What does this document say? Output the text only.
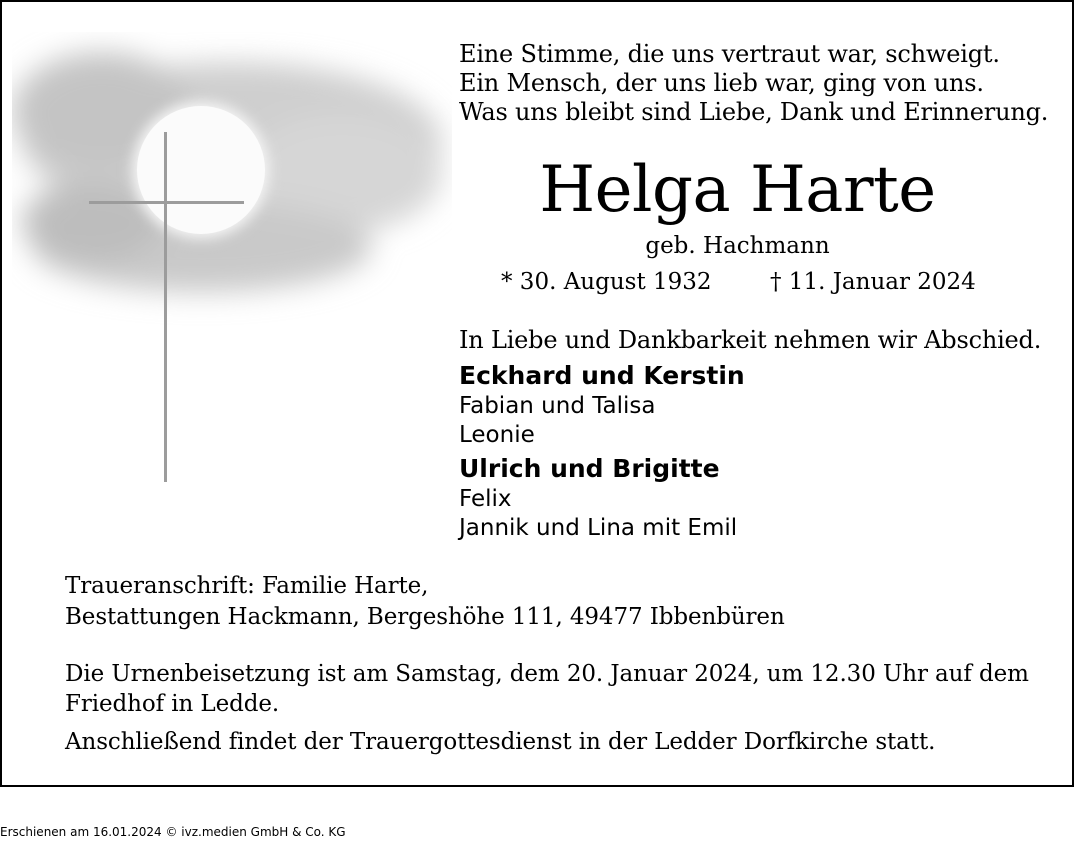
Eine Stimme, die uns vertraut war, schweigt.
Ein Mensch, der uns lieb war, ging von uns.
Was uns bleibt sind Liebe, Dank und Erinnerung.
Helga Harte
geb. Hachmann
* 30. August 1932	† 11. Januar 2024
In Liebe und Dankbarkeit nehmen wir Abschied.
Eckhard und Kerstin
Fabian und Talisa
Leonie
Ulrich und Brigitte
Felix
Jannik und Lina mit Emil
Traueranschrift: Familie Harte,
Bestattungen Hackmann, Bergeshöhe 111, 49477 Ibbenbüren
Die Urnenbeisetzung ist am Samstag, dem 20. Januar 2024, um 12.30 Uhr auf dem Friedhof in Ledde.
Anschließend findet der Trauergottesdienst in der Ledder Dorfkirche statt.
Erschienen am 16.01.2024 © ivz.medien GmbH & Co. KG
